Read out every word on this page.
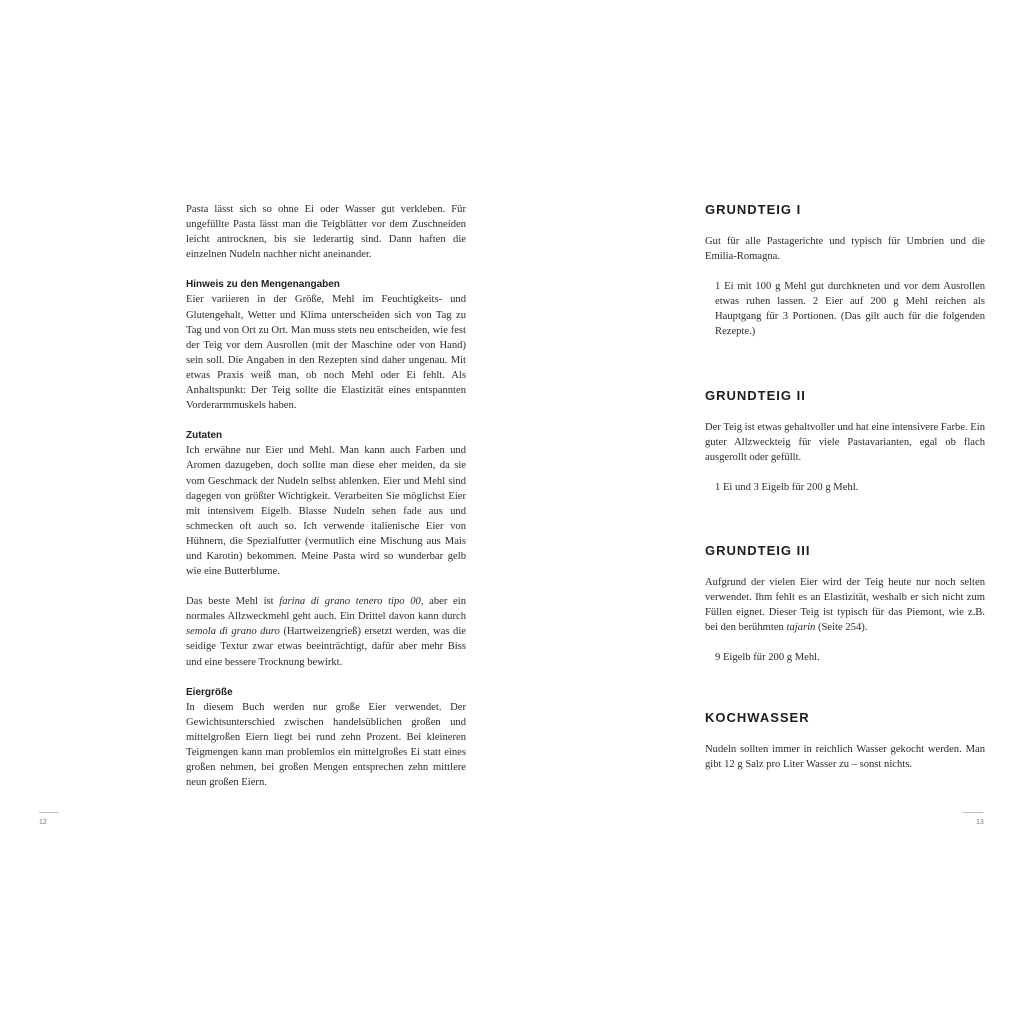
Pasta lässt sich so ohne Ei oder Wasser gut verkleben. Für ungefüllte Pasta lässt man die Teigblätter vor dem Zuschneiden leicht antrocknen, bis sie lederartig sind. Dann haften die einzelnen Nudeln nachher nicht aneinander.

Hinweis zu den Mengenangaben

Eier variieren in der Größe, Mehl im Feuchtigkeits- und Glutengehalt, Wetter und Klima unterscheiden sich von Tag zu Tag und von Ort zu Ort. Man muss stets neu entscheiden, wie fest der Teig vor dem Ausrollen (mit der Maschine oder von Hand) sein soll. Die Angaben in den Rezepten sind daher ungenau. Mit etwas Praxis weiß man, ob noch Mehl oder Ei fehlt. Als Anhaltspunkt: Der Teig sollte die Elastizität eines entspannten Vorderarmmuskels haben.

Zutaten

Ich erwähne nur Eier und Mehl. Man kann auch Farben und Aromen dazugeben, doch sollte man diese eher meiden, da sie vom Geschmack der Nudeln selbst ablenken. Eier und Mehl sind dagegen von größter Wichtigkeit. Verarbeiten Sie möglichst Eier mit intensivem Eigelb. Blasse Nudeln sehen fade aus und schmecken oft auch so. Ich verwende italienische Eier von Hühnern, die Spezialfutter (vermutlich eine Mischung aus Mais und Karotin) bekommen. Meine Pasta wird so wunderbar gelb wie eine Butterblume.

Das beste Mehl ist farina di grano tenero tipo 00, aber ein normales Allzweckmehl geht auch. Ein Drittel davon kann durch semola di grano duro (Hartweizengrieß) ersetzt werden, was die seidige Textur zwar etwas beeinträchtigt, dafür aber mehr Biss und eine bessere Trocknung bewirkt.

Eiergröße

In diesem Buch werden nur große Eier verwendet. Der Gewichtsunterschied zwischen handelsüblichen großen und mittelgroßen Eiern liegt bei rund zehn Prozent. Bei kleineren Teigmengen kann man problemlos ein mittelgroßes Ei statt eines großen nehmen, bei großen Mengen entsprechen zehn mittlere neun großen Eiern.

GRUNDTEIG I

Gut für alle Pastagerichte und typisch für Umbrien und die Emilia-Romagna.

1 Ei mit 100 g Mehl gut durchkneten und vor dem Ausrollen etwas ruhen lassen. 2 Eier auf 200 g Mehl reichen als Hauptgang für 3 Portionen. (Das gilt auch für die folgenden Rezepte.)

GRUNDTEIG II

Der Teig ist etwas gehaltvoller und hat eine intensivere Farbe. Ein guter Allzweckteig für viele Pastavarianten, egal ob flach ausgerollt oder gefüllt.

1 Ei und 3 Eigelb für 200 g Mehl.

GRUNDTEIG III

Aufgrund der vielen Eier wird der Teig heute nur noch selten verwendet. Ihm fehlt es an Elastizität, weshalb er sich nicht zum Füllen eignet. Dieser Teig ist typisch für das Piemont, wie z.B. bei den berühmten tajarin (Seite 254).

9 Eigelb für 200 g Mehl.

KOCHWASSER

Nudeln sollten immer in reichlich Wasser gekocht werden. Man gibt 12 g Salz pro Liter Wasser zu – sonst nichts.

12	13
